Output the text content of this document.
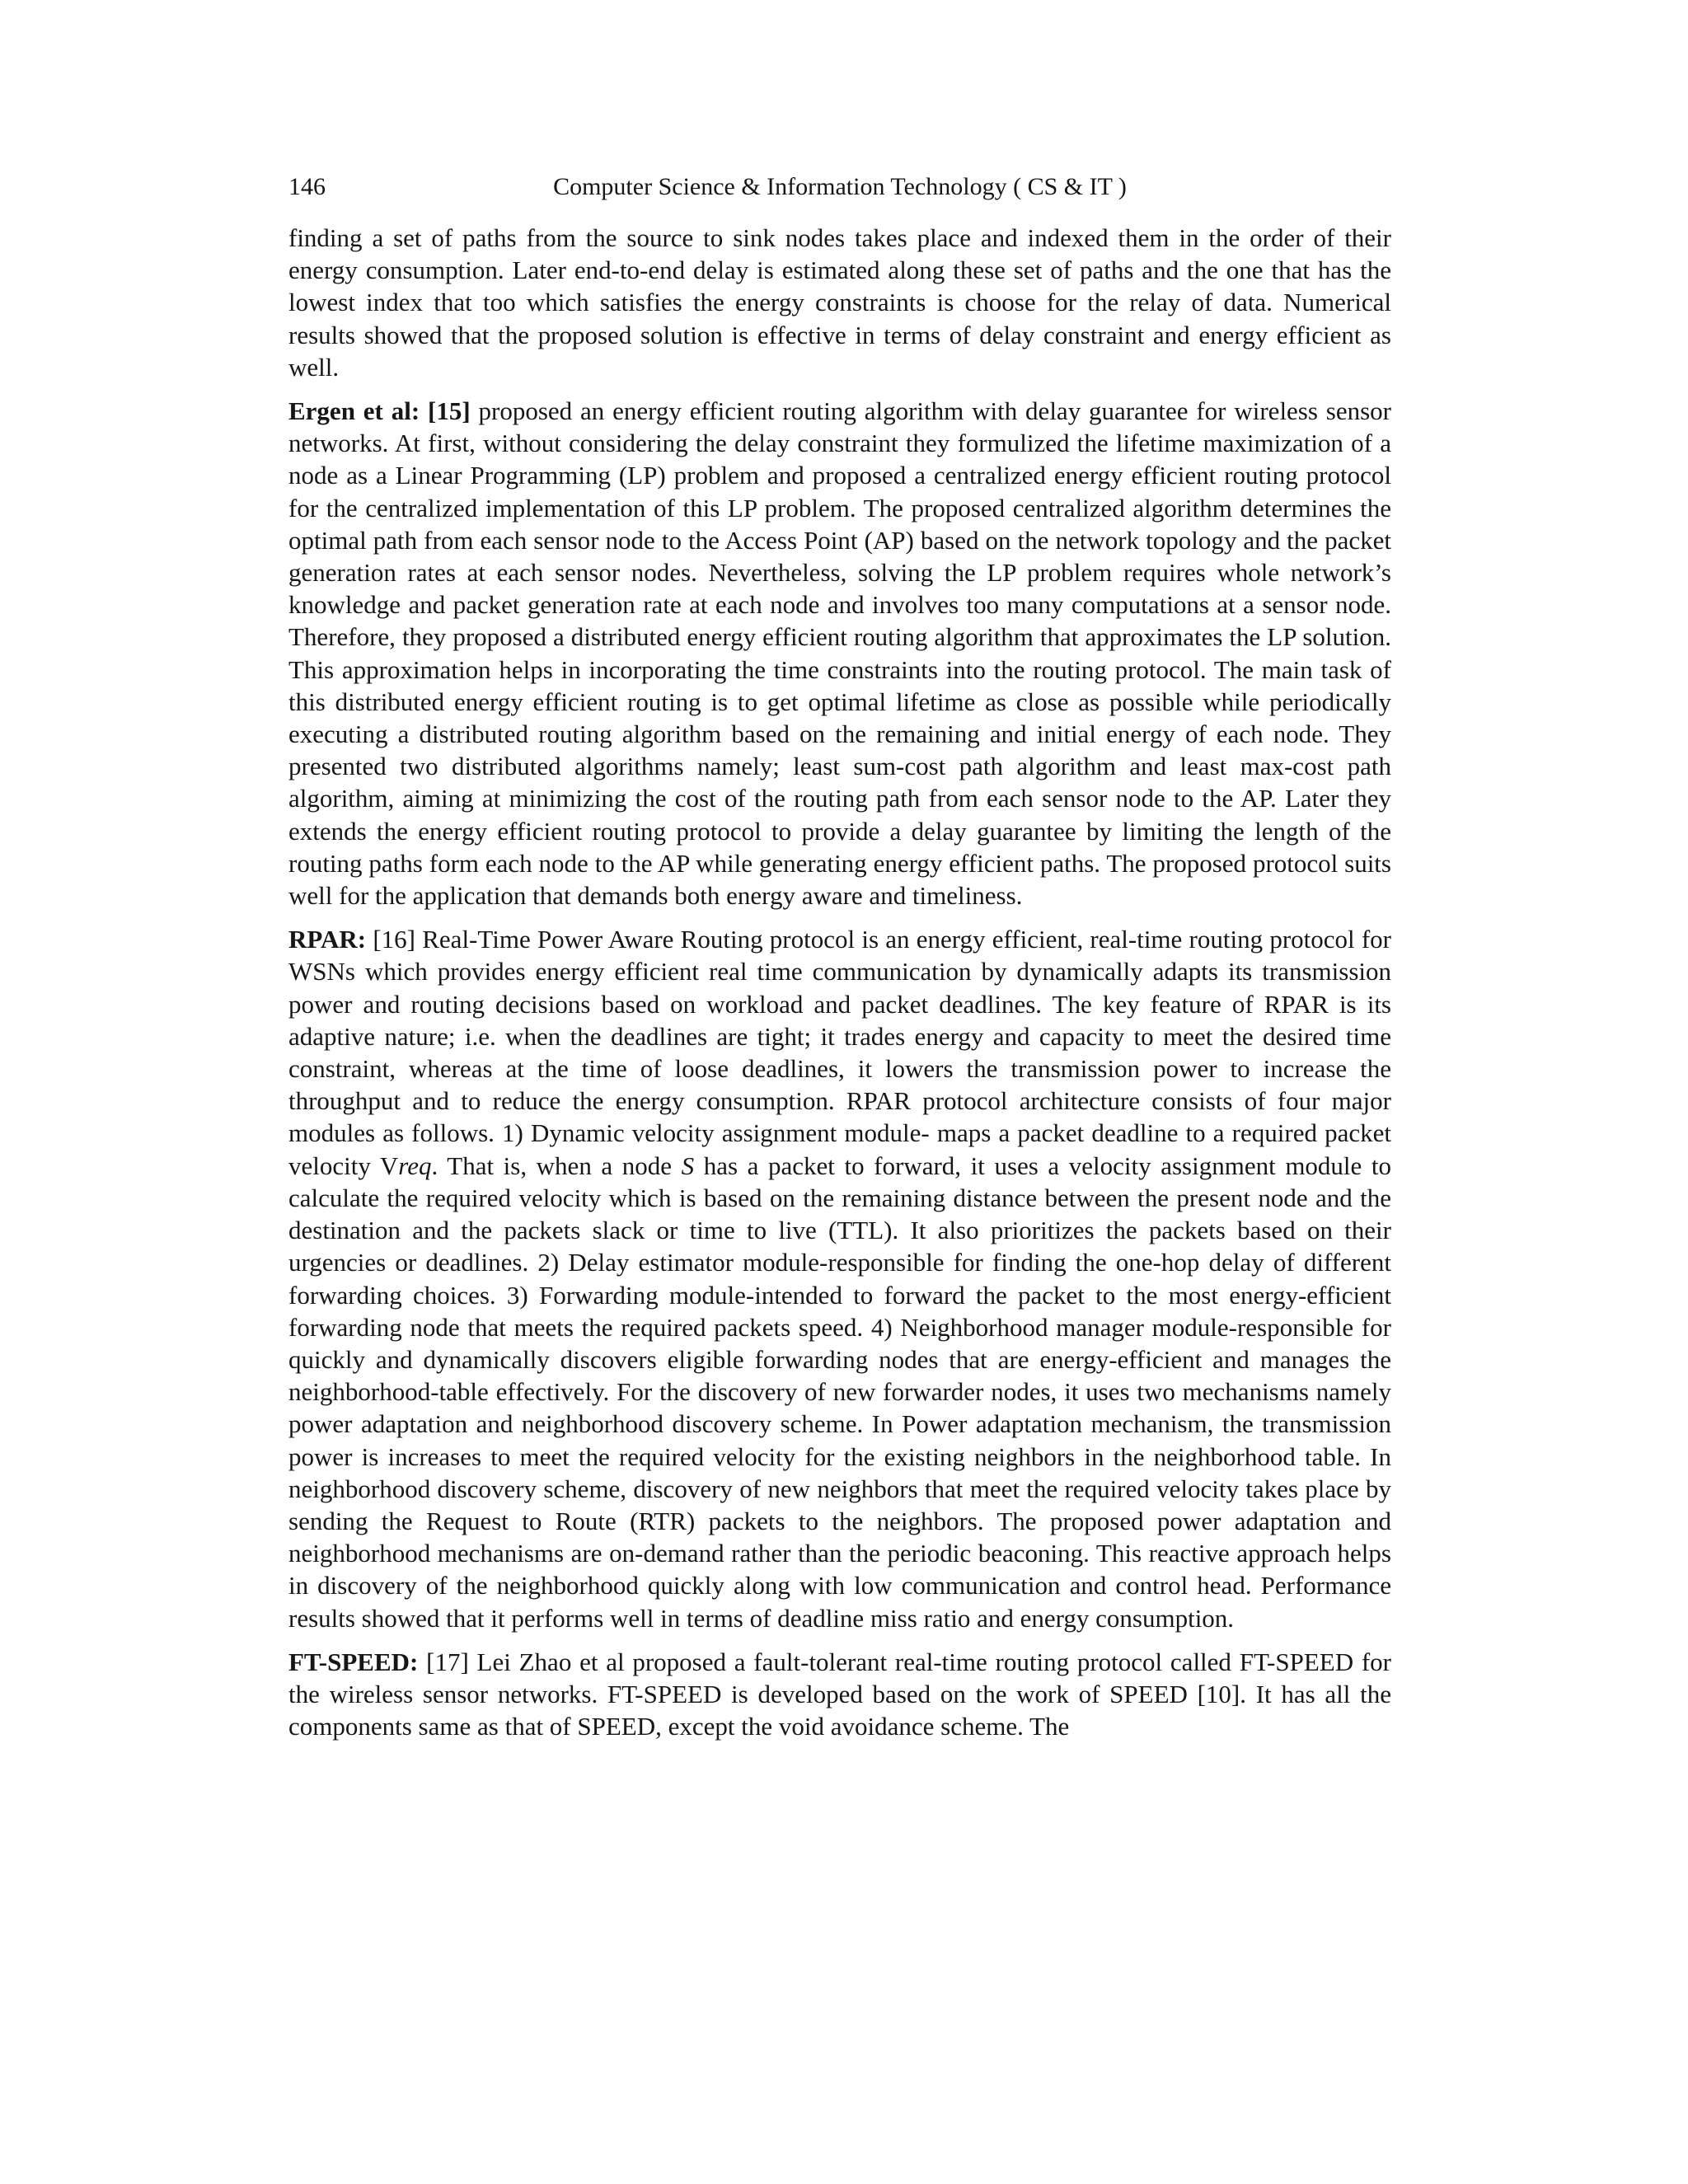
146	Computer Science & Information Technology ( CS & IT )

finding a set of paths from the source to sink nodes takes place and indexed them in the order of their energy consumption. Later end-to-end delay is estimated along these set of paths and the one that has the lowest index that too which satisfies the energy constraints is choose for the relay of data. Numerical results showed that the proposed solution is effective in terms of delay constraint and energy efficient as well.

Ergen et al: [15] proposed an energy efficient routing algorithm with delay guarantee for wireless sensor networks. At first, without considering the delay constraint they formulized the lifetime maximization of a node as a Linear Programming (LP) problem and proposed a centralized energy efficient routing protocol for the centralized implementation of this LP problem. The proposed centralized algorithm determines the optimal path from each sensor node to the Access Point (AP) based on the network topology and the packet generation rates at each sensor nodes. Nevertheless, solving the LP problem requires whole network’s knowledge and packet generation rate at each node and involves too many computations at a sensor node. Therefore, they proposed a distributed energy efficient routing algorithm that approximates the LP solution. This approximation helps in incorporating the time constraints into the routing protocol. The main task of this distributed energy efficient routing is to get optimal lifetime as close as possible while periodically executing a distributed routing algorithm based on the remaining and initial energy of each node. They presented two distributed algorithms namely; least sum-cost path algorithm and least max-cost path algorithm, aiming at minimizing the cost of the routing path from each sensor node to the AP. Later they extends the energy efficient routing protocol to provide a delay guarantee by limiting the length of the routing paths form each node to the AP while generating energy efficient paths. The proposed protocol suits well for the application that demands both energy aware and timeliness.

RPAR: [16] Real-Time Power Aware Routing protocol is an energy efficient, real-time routing protocol for WSNs which provides energy efficient real time communication by dynamically adapts its transmission power and routing decisions based on workload and packet deadlines. The key feature of RPAR is its adaptive nature; i.e. when the deadlines are tight; it trades energy and capacity to meet the desired time constraint, whereas at the time of loose deadlines, it lowers the transmission power to increase the throughput and to reduce the energy consumption. RPAR protocol architecture consists of four major modules as follows. 1) Dynamic velocity assignment module- maps a packet deadline to a required packet velocity Vreq. That is, when a node S has a packet to forward, it uses a velocity assignment module to calculate the required velocity which is based on the remaining distance between the present node and the destination and the packets slack or time to live (TTL). It also prioritizes the packets based on their urgencies or deadlines. 2) Delay estimator module-responsible for finding the one-hop delay of different forwarding choices. 3) Forwarding module-intended to forward the packet to the most energy-efficient forwarding node that meets the required packets speed. 4) Neighborhood manager module-responsible for quickly and dynamically discovers eligible forwarding nodes that are energy-efficient and manages the neighborhood-table effectively. For the discovery of new forwarder nodes, it uses two mechanisms namely power adaptation and neighborhood discovery scheme. In Power adaptation mechanism, the transmission power is increases to meet the required velocity for the existing neighbors in the neighborhood table. In neighborhood discovery scheme, discovery of new neighbors that meet the required velocity takes place by sending the Request to Route (RTR) packets to the neighbors. The proposed power adaptation and neighborhood mechanisms are on-demand rather than the periodic beaconing. This reactive approach helps in discovery of the neighborhood quickly along with low communication and control head. Performance results showed that it performs well in terms of deadline miss ratio and energy consumption.

FT-SPEED: [17] Lei Zhao et al proposed a fault-tolerant real-time routing protocol called FT-SPEED for the wireless sensor networks. FT-SPEED is developed based on the work of SPEED [10]. It has all the components same as that of SPEED, except the void avoidance scheme. The
